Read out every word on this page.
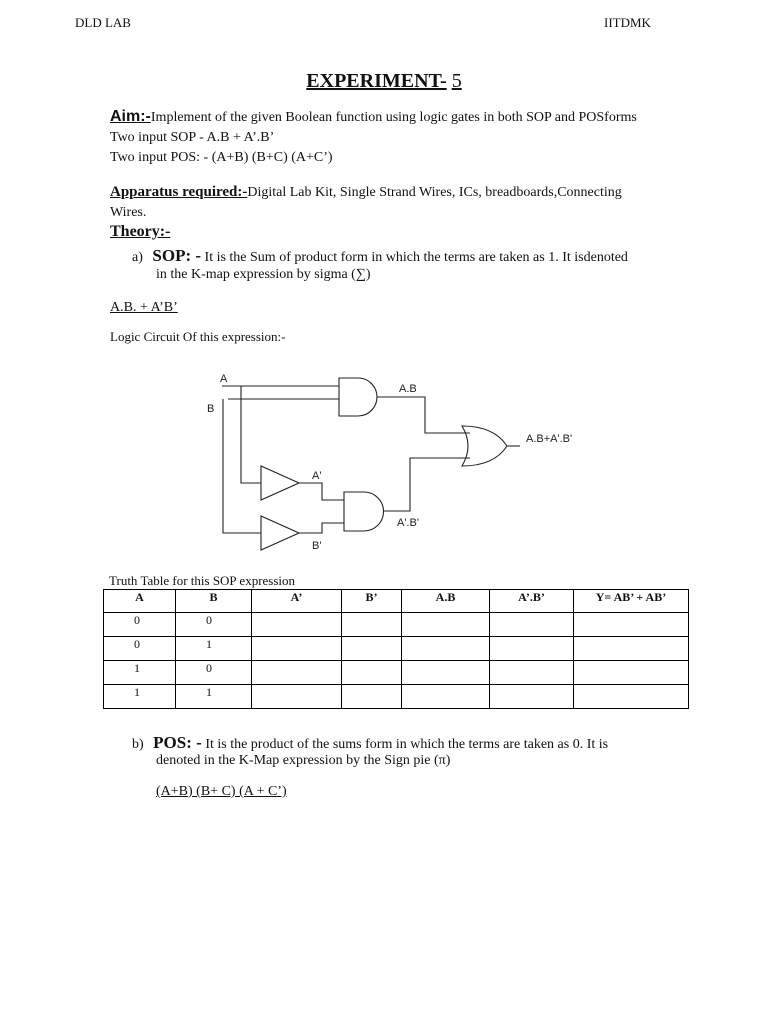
DLD LAB	IITDMK
EXPERIMENT- 5
Aim:-Implement of the given Boolean function using logic gates in both SOP and POSforms
Two input SOP - A.B + A’.B’
Two input POS: - (A+B) (B+C) (A+C’)
Apparatus required:-Digital Lab Kit, Single Strand Wires, ICs, breadboards,Connecting
Wires.
Theory:-
a) SOP: - It is the Sum of product form in which the terms are taken as 1. It isdenoted
in the K-map expression by sigma (∑)
A.B. + A’B’
Logic Circuit Of this expression:-
A
B
A.B
A.B+A'.B'
A'
A'.B'
B'
Truth Table for this SOP expression
A	B	A’	B’	A.B	A’.B’	Y= AB’ + AB’
0	0					
0	1					
1	0					
1	1					
b) POS: - It is the product of the sums form in which the terms are taken as 0. It is
denoted in the K-Map expression by the Sign pie (π)
(A+B) (B+ C) (A + C’)
